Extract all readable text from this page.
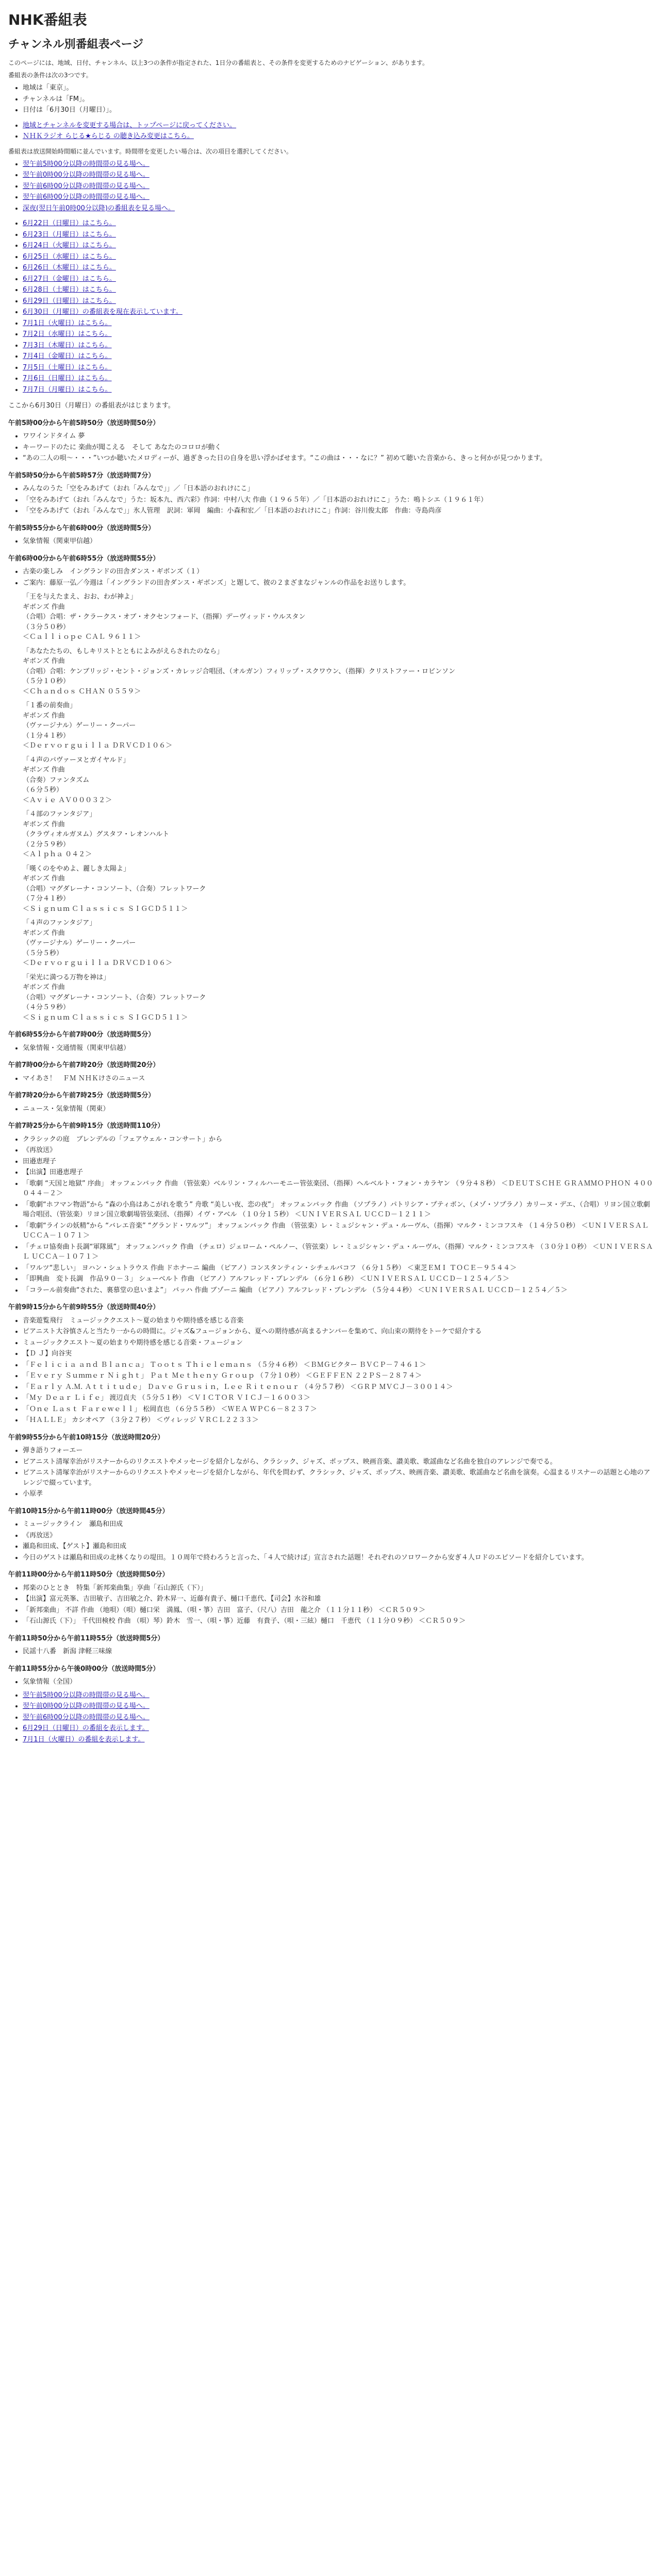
NHK番組表
チャンネル別番組表ページ

このページには、地域、日付、チャンネル、以上3つの条件が指定された、1日分の番組表と、その条件を変更するためのナビゲーション、があります。

番組表の条件は次の3つです。

• 地域は「東京」。
• チャンネルは「FM」。
• 日付は「6月30日（月曜日）」。
• 地域とチャンネルを変更する場合は、トップページに戻ってください。
• ＮＨＫラジオ らじる★らじる の聴き込み変更はこちら。

番組表は放送開始時間順に並んでいます。時間帯を変更したい場合は、次の項目を選択してください。

• 翌午前5時00分以降の時間帯の見る場へ。
• 翌午前0時00分以降の時間帯の見る場へ。
• 翌午前6時00分以降の時間帯の見る場へ。
• 翌午前6時00分以降の時間帯の見る場へ。
• 深夜(翌日午前0時00分以降)の番組表を見る場へ。
• 6月22日（日曜日）はこちら。
• 6月23日（月曜日）はこちら。
• 6月24日（火曜日）はこちら。
• 6月25日（水曜日）はこちら。
• 6月26日（木曜日）はこちら。
• 6月27日（金曜日）はこちら。
• 6月28日（土曜日）はこちら。
• 6月29日（日曜日）はこちら。
• 6月30日（月曜日）の番組表を現在表示しています。
• 7月1日（火曜日）はこちら。
• 7月2日（水曜日）はこちら。
• 7月3日（木曜日）はこちら。
• 7月4日（金曜日）はこちら。
• 7月5日（土曜日）はこちら。
• 7月6日（日曜日）はこちら。
• 7月7日（月曜日）はこちら。

ここから6月30日（月曜日）の番組表がはじまります。

午前5時00分から午前5時50分（放送時間50分）
• ワワインドタイム 夢
• キーワードのたに 楽曲が聞こえる　そして あなたのコロロが動く
• “あの二人の唄～・・・”いつか聴いたメロディーが、過ぎきった日の自身を思い浮かばせます。“この曲は・・・なに？” 初めて聴いた音楽から、きっと何かが見つかります。
午前5時50分から午前5時57分（放送時間7分）
• みんなのうた「空をみあげて（おれ「みんなで」」／「日本語のおれけにこ」
• 「空をみあげて（おれ「みんなで」うた：坂本九、西六彩》作詞：中村八大 作曲（１９６５年）／「日本語のおれけにこ」うた：鳴トシエ（１９６１年）
• 「空をみあげて（おれ「みんなで」」氷人管理　訳詞：軍岡　編曲：小森和宏／「日本語のおれけにこ」作詞：谷川俊太郎　作曲：寺島尚彦
午前5時55分から午前6時00分（放送時間5分）
• 気象情報（関東甲信越）
午前6時00分から午前6時55分（放送時間55分）
• 古楽の楽しみ　イングランドの田舎ダンス・ギボンズ（１）
• ご案内：藤原一弘／今週は「イングランドの田舎ダンス・ギボンズ」と題して、彼の２まざまなジャンルの作品をお送りします。
「王を与えたまえ、おお、わが神よ」
ギボンズ 作曲
（合唱）合唱：ザ・クラークス・オブ・オクセンフォード、（指揮）デーヴィッド・ウルスタン
（３分５０秒）
＜Ｃａｌｌｉｏｐｅ ＣＡＬ ９６１１＞
「あなたたちの、もしキリストとともによみがえらされたのなら」
ギボンズ 作曲
（合唱）合唱：ケンブリッジ・セント・ジョンズ・カレッジ合唱団、（オルガン）フィリップ・スクワウン、（指揮）クリストファー・ロビンソン
（５分１０秒）
＜Ｃｈａｎｄｏｓ ＣＨＡＮ ０５５９＞
「１番の前奏曲」
ギボンズ 作曲
（ヴァージナル）ゲーリー・クーパー
（１分４１秒）
＜Ｄｅｒｖｏｒｇｕｉｌｌａ ＤＲＶＣＤ１０６＞
「４声のパヴァーヌとガイヤルド」
ギボンズ 作曲
（合奏）ファンタズム
（６分５秒）
＜Ａｖｉｅ ＡＶ０００３２＞
「４部のファンタジア」
ギボンズ 作曲
（クラヴィオルガヌム）グスタフ・レオンハルト
（２分５９秒）
＜Ａｌｐｈａ ０４２＞
「嘆くのをやめよ、麗しき太陽よ」
ギボンズ 作曲
（合唱）マグダレーナ・コンソート、（合奏）フレットワーク
（７分４１秒）
＜Ｓｉｇｎｕｍ Ｃｌａｓｓｉｃｓ ＳＩＧＣＤ５１１＞
「４声のファンタジア」
ギボンズ 作曲
（ヴァージナル）ゲーリー・クーパー
（５分５秒）
＜Ｄｅｒｖｏｒｇｕｉｌｌａ ＤＲＶＣＤ１０６＞
「栄光に満つる万物を神は」
ギボンズ 作曲
（合唱）マグダレーナ・コンソート、（合奏）フレットワーク
（４分５９秒）
＜Ｓｉｇｎｕｍ Ｃｌａｓｓｉｃｓ ＳＩＧＣＤ５１１＞
午前6時55分から午前7時00分（放送時間5分）
• 気象情報・交通情報（関東甲信越）
午前7時00分から午前7時20分（放送時間20分）
• マイあさ！　ＦＭ ＮＨＫけさのニュース
午前7時20分から午前7時25分（放送時間5分）
• ニュース・気象情報（関東）
午前7時25分から午前9時15分（放送時間110分）
• クラシックの庭　ブレンデルの「フェアウェル・コンサート」から
• 《再放送》
• 田邉恵理子
• 【出演】田邉恵理子
• 「歌劇 “天国と地獄” 序曲」 オッフェンバック 作曲 （管弦楽）ベルリン・フィルハーモニー管弦楽団、（指揮）ヘルベルト・フォン・カラヤン （９分４８秒） ＜ＤＥＵＴＳＣＨＥ ＧＲＡＭＭＯＰＨＯＮ ４００ ０４４－２＞
• 「歌劇“ホフマン物語”から “森の小鳥はあこがれを歌う” 舟歌 “美しい夜、恋の夜”」 オッフェンバック 作曲 （ソプラノ）パトリシア・プティボン、（メゾ・ソプラノ）カリーヌ・デエ、（合唱）リヨン国立歌劇場合唱団、（管弦楽）リヨン国立歌劇場管弦楽団、（指揮）イヴ・アベル （１０分１５秒） ＜ＵＮＩＶＥＲＳＡＬ ＵＣＣＤ－１２１１＞
• 「歌劇“ラインの妖精”から “バレエ音楽” “グランド・ワルツ”」 オッフェンバック 作曲 （管弦楽）レ・ミュジシャン・デュ・ルーヴル、（指揮）マルク・ミンコフスキ （１４分５０秒） ＜ＵＮＩＶＥＲＳＡＬ ＵＣＣＡ－１０７１＞
• 「チェロ協奏曲ト長調“軍隊風”」 オッフェンバック 作曲 （チェロ）ジェローム・ペルノー、（管弦楽）レ・ミュジシャン・デュ・ルーヴル、（指揮）マルク・ミンコフスキ （３０分１０秒） ＜ＵＮＩＶＥＲＳＡＬ ＵＣＣＡ－１０７１＞
• 「ワルツ“悲しい」 ヨハン・シュトラウス 作曲 ドホナーニ 編曲 （ピアノ）コンスタンティン・シチェルバコフ （６分１５秒） ＜東芝ＥＭＩ ＴＯＣＥ－９５４４＞
• 「即興曲　変ト長調　作品９０－３」 シューベルト 作曲 （ピアノ）アルフレッド・ブレンデル （６分１６秒） ＜ＵＮＩＶＥＲＳＡＬ ＵＣＣＤ－１２５４／５＞
• 「コラール前奏曲“された、裏慕堂の息いまよ”」 バッハ 作曲 ブゾーニ 編曲 （ピアノ）アルフレッド・ブレンデル （５分４４秒） ＜ＵＮＩＶＥＲＳＡＬ ＵＣＣＤ－１２５４／５＞
午前9時15分から午前9時55分（放送時間40分）
• 音楽遊覧飛行　ミュージッククエスト～夏の始まりや期待感を感じる音楽
• ピアニスト大谷慎さんと当たり一からの時間に。ジャズ&フュージョンから、夏への期待感が高まるナンバーを集めて、向山束の期待をトーケで紹介する
• ミュージッククエスト～夏の始まりや期待感を感じる音楽・フュージョン
• 【Ｄ Ｊ】向谷実
• 「Ｆｅｌｉｃｉａ ａｎｄ Ｂｌａｎｃａ」 Ｔｏｏｔｓ Ｔｈｉｅｌｅｍａｎｓ （５分４６秒） ＜ＢＭＧビクター ＢＶＣＰ－７４６１＞
• 「Ｅｖｅｒｙ Ｓｕｍｍｅｒ Ｎｉｇｈｔ」 Ｐａｔ Ｍｅｔｈｅｎｙ Ｇｒｏｕｐ （７分１０秒） ＜ＧＥＦＦＥＮ ２２ＰＳ－２８７４＞
• 「Ｅａｒｌｙ Ａ.Ｍ. Ａｔｔｉｔｕｄｅ」 Ｄａｖｅ Ｇｒｕｓｉｎ，Ｌｅｅ Ｒｉｔｅｎｏｕｒ （４分５７秒） ＜ＧＲＰ ＭＶＣＪ－３００１４＞
• 「Ｍｙ Ｄｅａｒ Ｌｉｆｅ」 渡辺貞夫 （５分５１秒） ＜ＶＩＣＴＯＲ ＶＩＣＪ－１６００３＞
• 「Ｏｎｅ Ｌａｓｔ Ｆａｒｅｗｅｌｌ」 松岡直也 （６分５５秒） ＜ＷＥＡ ＷＰＣ６－８２３７＞
• 「ＨＡＬＬＥ」 カシオペア （３分２７秒） ＜ヴィレッジ ＶＲＣＬ２２３３＞
午前9時55分から午前10時15分（放送時間20分）
• 弾き語りフォーエー
• ピアニスト清塚幸治がリスナーからのリクエストやメッセージを紹介しながら、クラシック、ジャズ、ポップス、映画音楽、讃美歌、歌謡曲など名曲を独自のアレンジで奏でる。
• ピアニスト清塚幸治がリスナーからのリクエストやメッセージを紹介しながら、年代を問わず、クラシック、ジャズ、ポップス、映画音楽、讃美歌、歌謡曲など名曲を演奏。心温まるリスナーの話題と心地のアレンジで綴っています。
• 小原孝
午前10時15分から午前11時00分（放送時間45分）
• ミュージックライン　瀬島和田成
• 《再放送》
• 瀬島和田成、【ゲスト】瀬島和田成
• 今日のゲストは瀬島和田成の北林くなりの堤田。１０周年で終わろうと言った、「４人で続けば」宣言された話題！それぞれのソロワークから安ぎ４人ロドのエピソードを紹介しています。
午前11時00分から午前11時50分（放送時間50分）
• 邦楽のひととき　特集「新邦楽曲集」享曲「石山源氏（下）」
• 【出演】富元英峯、吉田敏子、吉田敏之介、鈴木昇一、近藤有貴子、樋口千恵代、【司会】水谷和雄
• 「新邦楽曲」 不詳 作曲 （地唄）（唄）樋口栄　満鳳、（唄・箏）吉田　富子、（尺八）吉田　龍之介 （１１分１１秒） ＜ＣＲ５０９＞
• 「石山源氏（下）」 千代田検校 作曲 （唄）琴）鈴木　雪一、（唄・箏）近藤　有貴子、（唄・三絃）樋口　千恵代 （１１分０９秒） ＜ＣＲ５０９＞
午前11時50分から午前11時55分（放送時間5分）
• 民謡十八番　新潟 津軽三味線
午前11時55分から午後0時00分（放送時間5分）
• 気象情報（全国）
• 翌午前5時00分以降の時間帯の見る場へ。
• 翌午前0時00分以降の時間帯の見る場へ。
• 翌午前6時00分以降の時間帯の見る場へ。
• 6月29日（日曜日）の番組を表示します。
• 7月1日（火曜日）の番組を表示します。
